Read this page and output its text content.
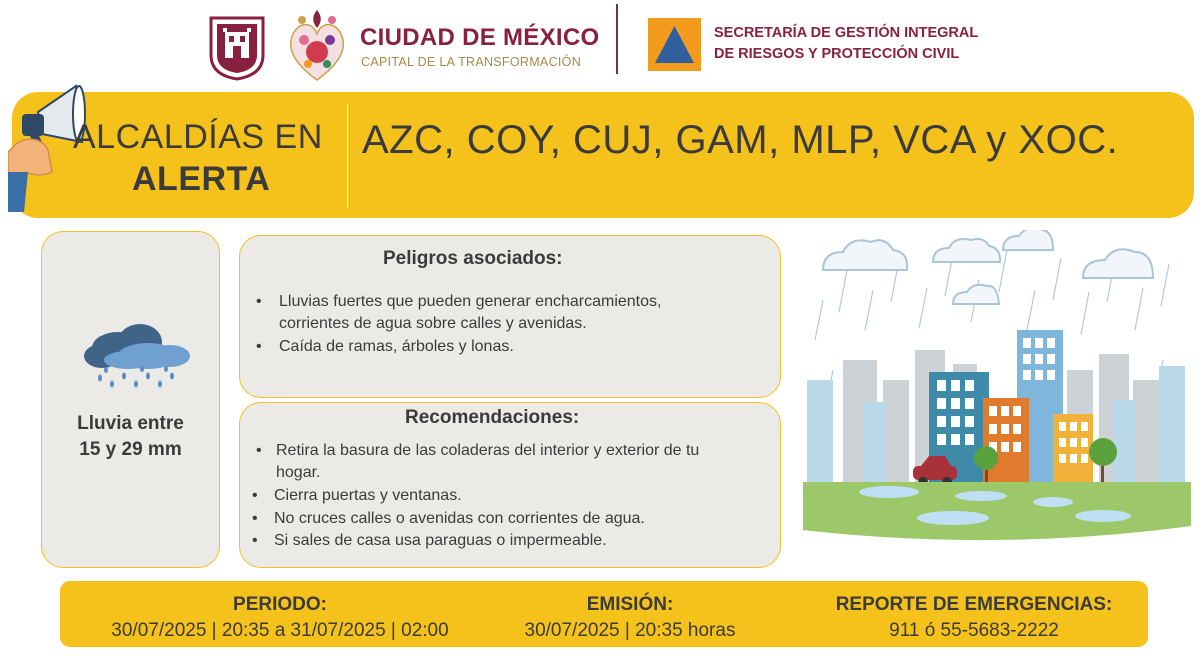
CIUDAD DE MÉXICO
CAPITAL DE LA TRANSFORMACIÓN
SECRETARÍA DE GESTIÓN INTEGRAL
DE RIESGOS Y PROTECCIÓN CIVIL
ALCALDÍAS EN
ALERTA
AZC, COY, CUJ, GAM, MLP, VCA y XOC.
Lluvia entre
15 y 29 mm
Peligros asociados:
• Lluvias fuertes que pueden generar encharcamientos,
corrientes de agua sobre calles y avenidas.
• Caída de ramas, árboles y lonas.
Recomendaciones:
• Retira la basura de las coladeras del interior y exterior de tu
hogar.
• Cierra puertas y ventanas.
• No cruces calles o avenidas con corrientes de agua.
• Si sales de casa usa paraguas o impermeable.
PERIODO:
30/07/2025 | 20:35 a 31/07/2025 | 02:00
EMISIÓN:
30/07/2025 | 20:35 horas
REPORTE DE EMERGENCIAS:
911 ó 55-5683-2222
